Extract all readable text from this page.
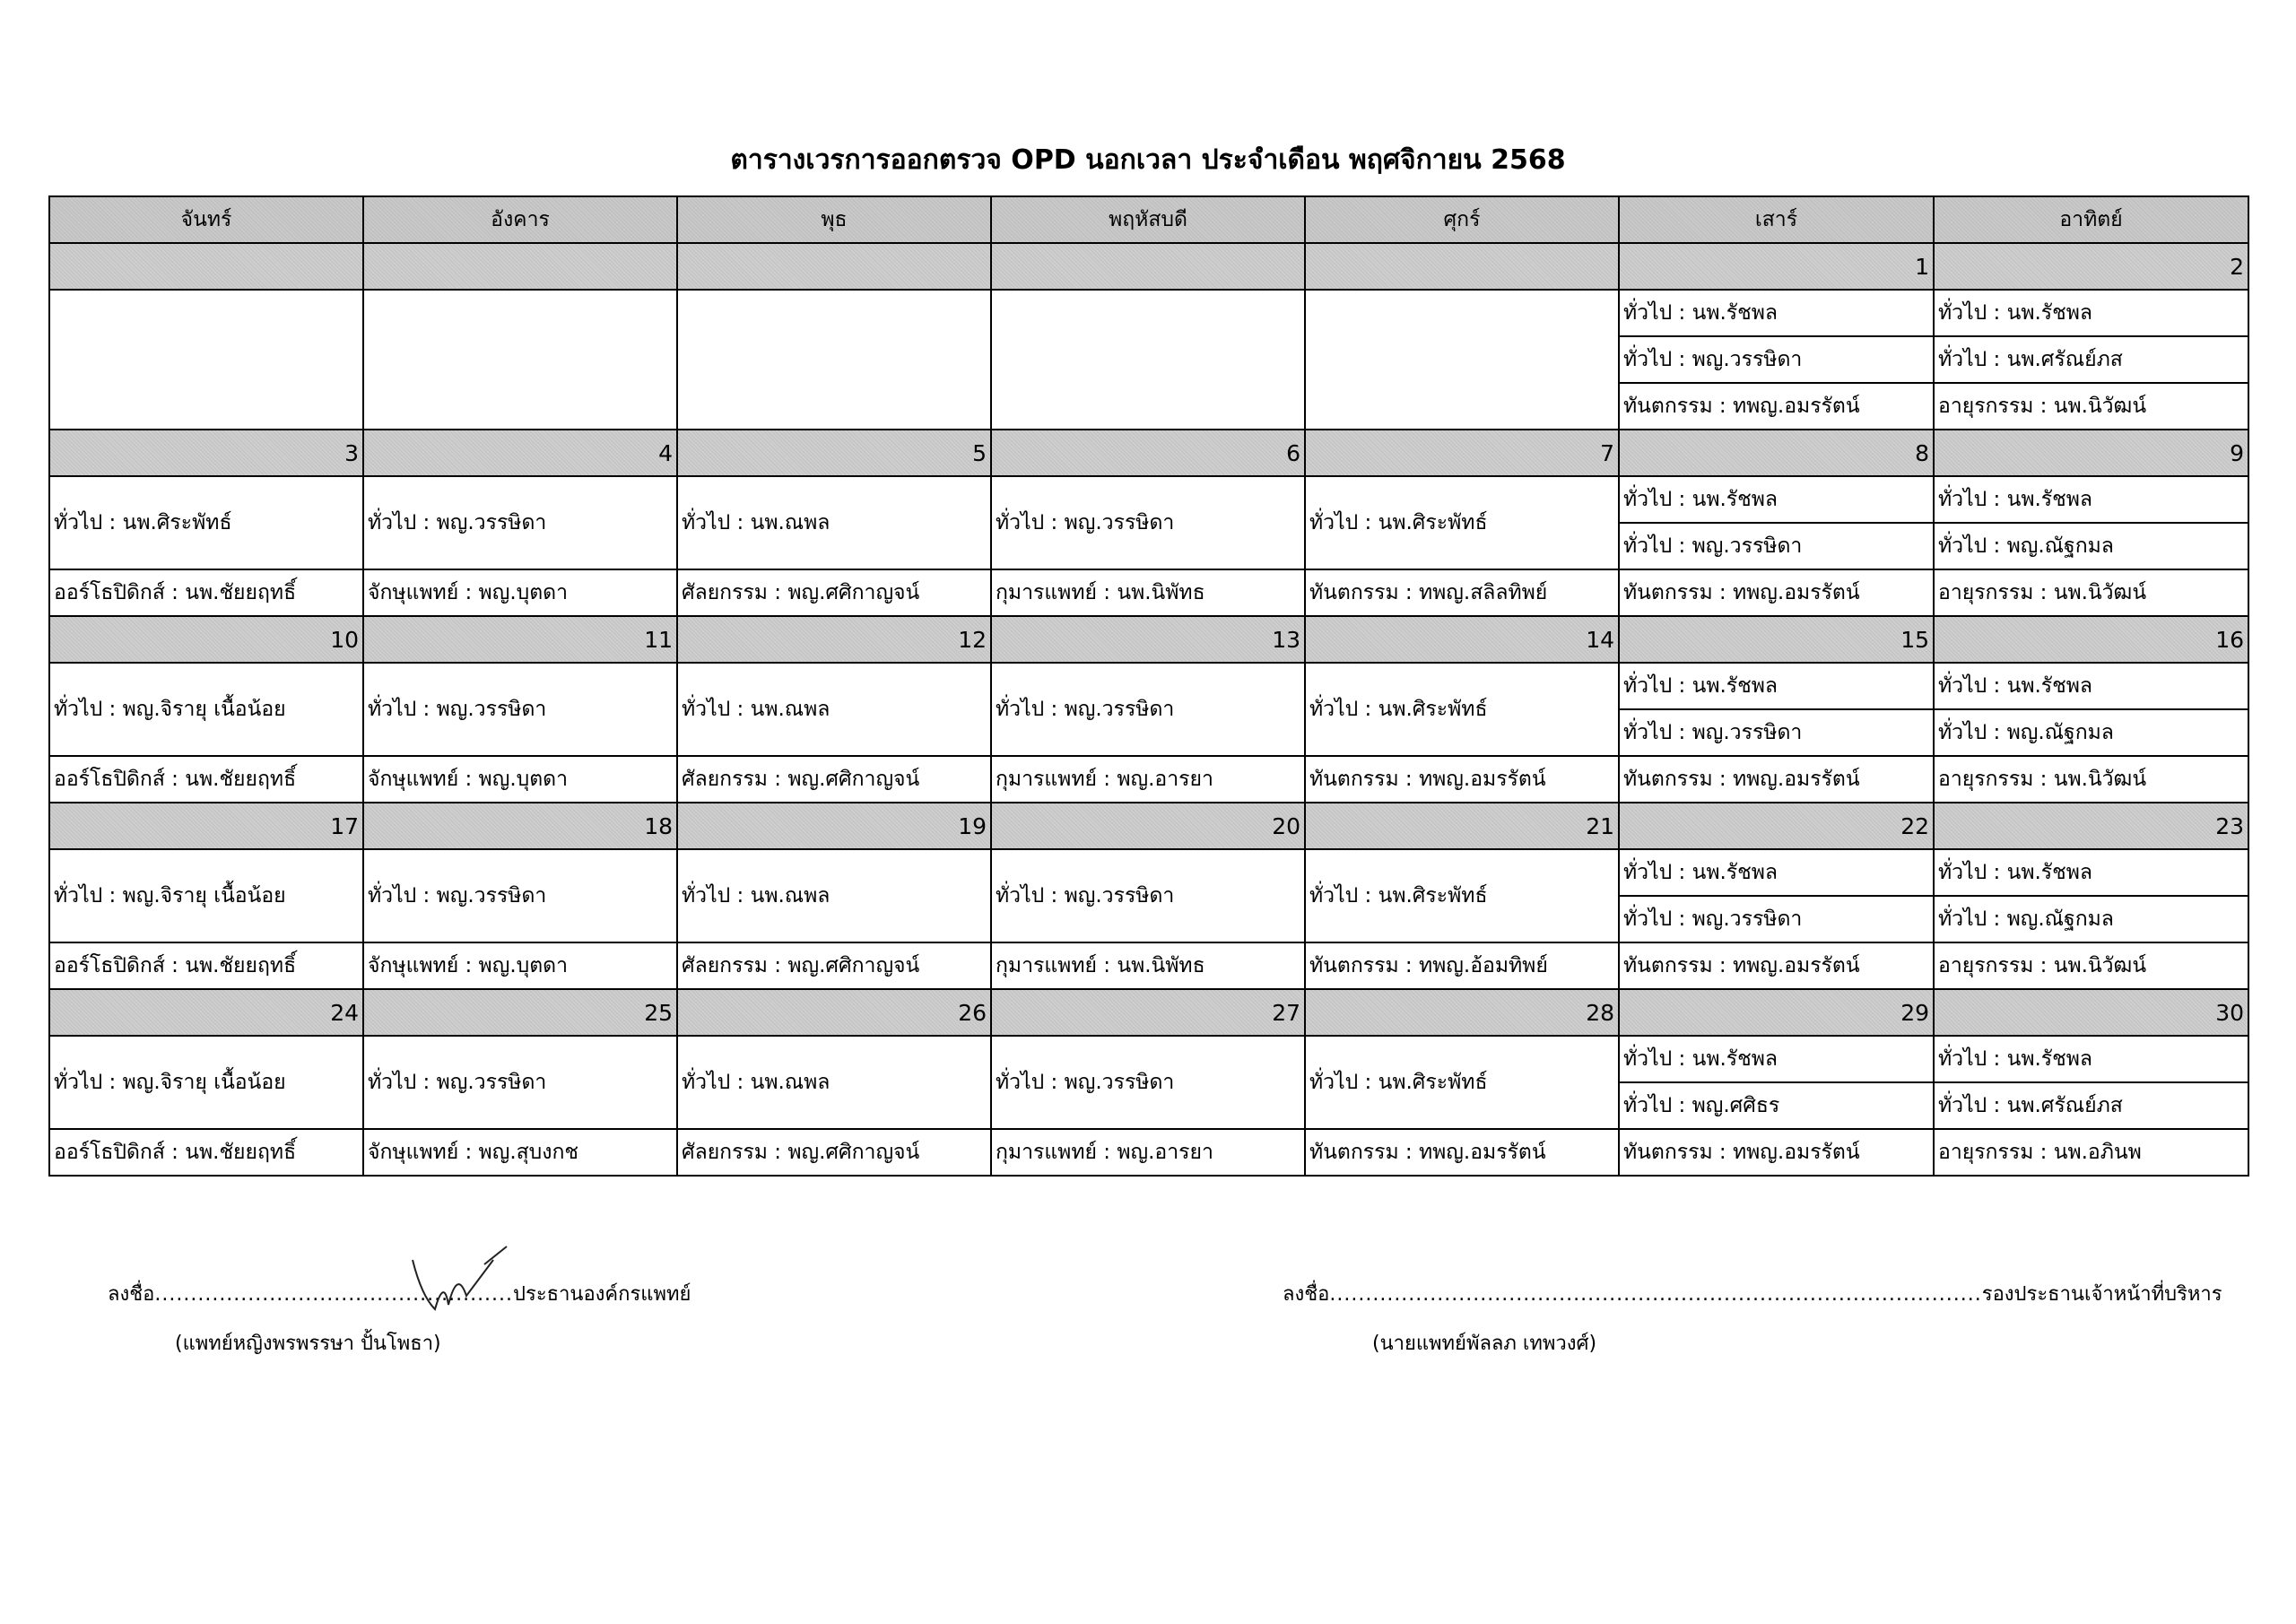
ตารางเวรการออกตรวจ OPD นอกเวลา ประจำเดือน พฤศจิกายน 2568
จันทร์	อังคาร	พุธ	พฤหัสบดี	ศุกร์	เสาร์	อาทิตย์
					1	2
					ทั่วไป : นพ.รัชพล	ทั่วไป : นพ.รัชพล
					ทั่วไป : พญ.วรรษิดา	ทั่วไป : นพ.ศรัณย์ภส
					ทันตกรรม : ทพญ.อมรรัตน์	อายุรกรรม : นพ.นิวัฒน์
3	4	5	6	7	8	9
ทั่วไป : นพ.ศิระพัทธ์	ทั่วไป : พญ.วรรษิดา	ทั่วไป : นพ.ณพล	ทั่วไป : พญ.วรรษิดา	ทั่วไป : นพ.ศิระพัทธ์	ทั่วไป : นพ.รัชพล	ทั่วไป : นพ.รัชพล
					ทั่วไป : พญ.วรรษิดา	ทั่วไป : พญ.ณัฐกมล
ออร์โธปิดิกส์ : นพ.ชัยยฤทธิ์	จักษุแพทย์ : พญ.บุตดา	ศัลยกรรม : พญ.ศศิกาญจน์	กุมารแพทย์ : นพ.นิพัทธ	ทันตกรรม : ทพญ.สลิลทิพย์	ทันตกรรม : ทพญ.อมรรัตน์	อายุรกรรม : นพ.นิวัฒน์
10	11	12	13	14	15	16
ทั่วไป : พญ.จิรายุ เนื้อน้อย	ทั่วไป : พญ.วรรษิดา	ทั่วไป : นพ.ณพล	ทั่วไป : พญ.วรรษิดา	ทั่วไป : นพ.ศิระพัทธ์	ทั่วไป : นพ.รัชพล	ทั่วไป : นพ.รัชพล
					ทั่วไป : พญ.วรรษิดา	ทั่วไป : พญ.ณัฐกมล
ออร์โธปิดิกส์ : นพ.ชัยยฤทธิ์	จักษุแพทย์ : พญ.บุตดา	ศัลยกรรม : พญ.ศศิกาญจน์	กุมารแพทย์ : พญ.อารยา	ทันตกรรม : ทพญ.อมรรัตน์	ทันตกรรม : ทพญ.อมรรัตน์	อายุรกรรม : นพ.นิวัฒน์
17	18	19	20	21	22	23
ทั่วไป : พญ.จิรายุ เนื้อน้อย	ทั่วไป : พญ.วรรษิดา	ทั่วไป : นพ.ณพล	ทั่วไป : พญ.วรรษิดา	ทั่วไป : นพ.ศิระพัทธ์	ทั่วไป : นพ.รัชพล	ทั่วไป : นพ.รัชพล
					ทั่วไป : พญ.วรรษิดา	ทั่วไป : พญ.ณัฐกมล
ออร์โธปิดิกส์ : นพ.ชัยยฤทธิ์	จักษุแพทย์ : พญ.บุตดา	ศัลยกรรม : พญ.ศศิกาญจน์	กุมารแพทย์ : นพ.นิพัทธ	ทันตกรรม : ทพญ.อ้อมทิพย์	ทันตกรรม : ทพญ.อมรรัตน์	อายุรกรรม : นพ.นิวัฒน์
24	25	26	27	28	29	30
ทั่วไป : พญ.จิรายุ เนื้อน้อย	ทั่วไป : พญ.วรรษิดา	ทั่วไป : นพ.ณพล	ทั่วไป : พญ.วรรษิดา	ทั่วไป : นพ.ศิระพัทธ์	ทั่วไป : นพ.รัชพล	ทั่วไป : นพ.รัชพล
					ทั่วไป : พญ.ศศิธร	ทั่วไป : นพ.ศรัณย์ภส
ออร์โธปิดิกส์ : นพ.ชัยยฤทธิ์	จักษุแพทย์ : พญ.สุบงกช	ศัลยกรรม : พญ.ศศิกาญจน์	กุมารแพทย์ : พญ.อารยา	ทันตกรรม : ทพญ.อมรรัตน์	ทันตกรรม : ทพญ.อมรรัตน์	อายุรกรรม : นพ.อภินพ
ลงชื่อ..................................................ประธานองค์กรแพทย์
(แพทย์หญิงพรพรรษา ปั้นโพธา)
ลงชื่อ...........................................................................................รองประธานเจ้าหน้าที่บริหาร
(นายแพทย์พัลลภ เทพวงศ์)
